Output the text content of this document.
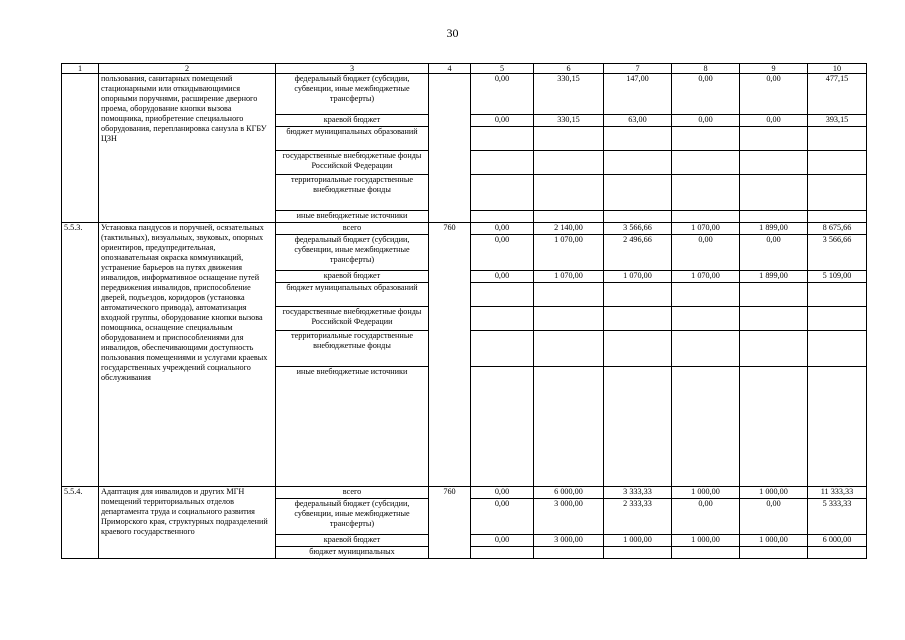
30
1	2	3	4	5	6	7	8	9	10
	пользования, санитарных помещений стационарными или откидывающимися опорными поручнями, расширение дверного проема, оборудование кнопки вызова помощника, приобретение специального оборудования, перепланировка санузла в КГБУ ЦЗН	федеральный бюджет (субсидии, субвенции, иные межбюджетные трансферты)		0,00	330,15	147,00	0,00	0,00	477,15
		краевой бюджет		0,00	330,15	63,00	0,00	0,00	393,15
		бюджет муниципальных образований							
		государственные внебюджетные фонды Российской Федерации							
		территориальные государственные внебюджетные фонды							
		иные внебюджетные источники							
5.5.3.	Установка пандусов и поручней, осязательных (тактильных), визуальных, звуковых, опорных ориентиров, предупредительная, опознавательная окраска коммуникаций, устранение барьеров на путях движения инвалидов, информативное оснащение путей передвижения инвалидов, приспособление дверей, подъездов, коридоров (установка автоматического привода), автоматизация входной группы, оборудование кнопки вызова помощника, оснащение специальным оборудованием и приспособлениями для инвалидов, обеспечивающими доступность пользования помещениями и услугами краевых государственных учреждений социального обслуживания	всего	760	0,00	2 140,00	3 566,66	1 070,00	1 899,00	8 675,66
		федеральный бюджет (субсидии, субвенции, иные межбюджетные трансферты)		0,00	1 070,00	2 496,66	0,00	0,00	3 566,66
		краевой бюджет		0,00	1 070,00	1 070,00	1 070,00	1 899,00	5 109,00
		бюджет муниципальных образований							
		государственные внебюджетные фонды Российской Федерации							
		территориальные государственные внебюджетные фонды							
		иные внебюджетные источники							
5.5.4.	Адаптация для инвалидов и других МГН помещений территориальных отделов департамента труда и социального развития Приморского края, структурных подразделений краевого государственного	всего	760	0,00	6 000,00	3 333,33	1 000,00	1 000,00	11 333,33
		федеральный бюджет (субсидии, субвенции, иные межбюджетные трансферты)		0,00	3 000,00	2 333,33	0,00	0,00	5 333,33
		краевой бюджет		0,00	3 000,00	1 000,00	1 000,00	1 000,00	6 000,00
		бюджет муниципальных							
